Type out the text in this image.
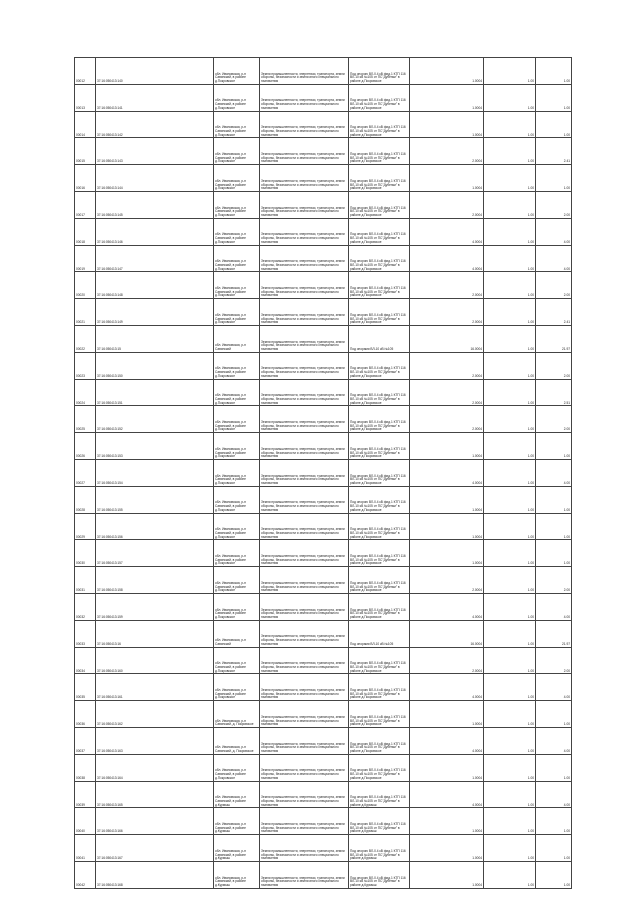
00012	37:16:050413:140	обл. Ивановская, р-н Савинский, в районе д.Покровское	Земли промышленности, энергетики, транспорта, земли обороны, безопасности и земли иного специального назначения	Под опорою ВЛ-0.4 кВ фид.1 КТП 116 ВЛ-10 кВ №105 от ПС"Дубенки" в районе д.Покровское	1.0004	1.00	1.00
00013	37:16:050413:141	обл. Ивановская, р-н Савинский, в районе д.Покровское	Земли промышленности, энергетики, транспорта, земли обороны, безопасности и земли иного специального назначения	Под опорою ВЛ-0.4 кВ фид.1 КТП 116 ВЛ-10 кВ №105 от ПС"Дубенки" в районе д.Покровское	1.0004	1.00	1.00
00014	37:16:050413:142	обл. Ивановская, р-н Савинский, в районе д.Покровское	Земли промышленности, энергетики, транспорта, земли обороны, безопасности и земли иного специального назначения	Под опорою ВЛ-0.4 кВ фид.1 КТП 116 ВЛ-10 кВ №105 от ПС"Дубенки" в районе д.Покровское	1.0004	1.00	1.00
00015	37:16:050413:143	обл. Ивановская, р-н Савинский, в районе д.Покровское	Земли промышленности, энергетики, транспорта, земли обороны, безопасности и земли иного специального назначения	Под опорою ВЛ-0.4 кВ фид.1 КТП 116 ВЛ-10 кВ №105 от ПС"Дубенки" в районе д.Покровское	2.0004	1.00	2.41
00016	37:16:050413:144	обл. Ивановская, р-н Савинский, в районе д.Покровское	Земли промышленности, энергетики, транспорта, земли обороны, безопасности и земли иного специального назначения	Под опорою ВЛ-0.4 кВ фид.1 КТП 116 ВЛ-10 кВ №105 от ПС"Дубенки" в районе д.Покровское	1.0004	1.00	1.00
00017	37:16:050413:145	обл. Ивановская, р-н Савинский, в районе д.Покровское	Земли промышленности, энергетики, транспорта, земли обороны, безопасности и земли иного специального назначения	Под опорою ВЛ-0.4 кВ фид.1 КТП 116 ВЛ-10 кВ №105 от ПС"Дубенки" в районе д.Покровское	2.0004	1.00	2.00
00018	37:16:050413:146	обл. Ивановская, р-н Савинский, в районе д.Покровское	Земли промышленности, энергетики, транспорта, земли обороны, безопасности и земли иного специального назначения	Под опорою ВЛ-0.4 кВ фид.1 КТП 116 ВЛ-10 кВ №105 от ПС"Дубенки" в районе д.Покровское	4.0004	1.00	4.00
00019	37:16:050413:147	обл. Ивановская, р-н Савинский, в районе д.Покровское	Земли промышленности, энергетики, транспорта, земли обороны, безопасности и земли иного специального назначения	Под опорою ВЛ-0.4 кВ фид.1 КТП 116 ВЛ-10 кВ №105 от ПС"Дубенки" в районе д.Покровское	4.0004	1.00	4.00
00020	37:16:050413:148	обл. Ивановская, р-н Савинский, в районе д.Покровское	Земли промышленности, энергетики, транспорта, земли обороны, безопасности и земли иного специального назначения	Под опорою ВЛ-0.4 кВ фид.1 КТП 116 ВЛ-10 кВ №105 от ПС"Дубенки" в районе д.Покровское	2.0004	1.00	2.00
00021	37:16:050413:149	обл. Ивановская, р-н Савинский, в районе д.Покровское	Земли промышленности, энергетики, транспорта, земли обороны, безопасности и земли иного специального назначения	Под опорою ВЛ-0.4 кВ фид.1 КТП 116 ВЛ-10 кВ №105 от ПС"Дубенки" в районе д.Покровское	2.0004	1.00	2.41
00022	37:16:050413:15	обл. Ивановская, р-н Савинский	Земли промышленности, энергетики, транспорта, земли обороны, безопасности и земли иного специального назначения	Под опорами ВЛ-10 кВ №105	16.0004	1.00	21.97
00023	37:16:050413:150	обл. Ивановская, р-н Савинский, в районе д.Покровское	Земли промышленности, энергетики, транспорта, земли обороны, безопасности и земли иного специального назначения	Под опорою ВЛ-0.4 кВ фид.1 КТП 116 ВЛ-10 кВ №105 от ПС"Дубенки" в районе д.Покровское	2.0004	1.00	2.00
00024	37:16:050413:151	обл. Ивановская, р-н Савинский, в районе д.Покровское	Земли промышленности, энергетики, транспорта, земли обороны, безопасности и земли иного специального назначения	Под опорою ВЛ-0.4 кВ фид.1 КТП 116 ВЛ-10 кВ №105 от ПС"Дубенки" в районе д.Покровское	2.0004	1.00	2.51
00025	37:16:050413:152	обл. Ивановская, р-н Савинский, в районе д.Покровское	Земли промышленности, энергетики, транспорта, земли обороны, безопасности и земли иного специального назначения	Под опорою ВЛ-0.4 кВ фид.1 КТП 116 ВЛ-10 кВ №105 от ПС"Дубенки" в районе д.Покровское	2.0004	1.00	2.00
00026	37:16:050413:153	обл. Ивановская, р-н Савинский, в районе д.Покровское	Земли промышленности, энергетики, транспорта, земли обороны, безопасности и земли иного специального назначения	Под опорою ВЛ-0.4 кВ фид.1 КТП 116 ВЛ-10 кВ №105 от ПС"Дубенки" в районе д.Покровское	1.0004	1.00	1.00
00027	37:16:050413:154	обл. Ивановская, р-н Савинский, в районе д.Покровское	Земли промышленности, энергетики, транспорта, земли обороны, безопасности и земли иного специального назначения	Под опорою ВЛ-0.4 кВ фид.1 КТП 116 ВЛ-10 кВ №105 от ПС"Дубенки" в районе д.Покровское	4.0004	1.00	4.00
00028	37:16:050413:155	обл. Ивановская, р-н Савинский, в районе д.Покровское	Земли промышленности, энергетики, транспорта, земли обороны, безопасности и земли иного специального назначения	Под опорою ВЛ-0.4 кВ фид.1 КТП 116 ВЛ-10 кВ №105 от ПС"Дубенки" в районе д.Покровское	1.0004	1.00	1.00
00029	37:16:050413:156	обл. Ивановская, р-н Савинский, в районе д.Покровское	Земли промышленности, энергетики, транспорта, земли обороны, безопасности и земли иного специального назначения	Под опорою ВЛ-0.4 кВ фид.1 КТП 116 ВЛ-10 кВ №105 от ПС"Дубенки" в районе д.Покровское	1.0004	1.00	1.00
00030	37:16:050413:157	обл. Ивановская, р-н Савинский, в районе д.Покровское	Земли промышленности, энергетики, транспорта, земли обороны, безопасности и земли иного специального назначения	Под опорою ВЛ-0.4 кВ фид.1 КТП 116 ВЛ-10 кВ №105 от ПС"Дубенки" в районе д.Покровское	1.0004	1.00	1.00
00031	37:16:050413:158	обл. Ивановская, р-н Савинский, в районе д.Покровское	Земли промышленности, энергетики, транспорта, земли обороны, безопасности и земли иного специального назначения	Под опорою ВЛ-0.4 кВ фид.1 КТП 116 ВЛ-10 кВ №105 от ПС"Дубенки" в районе д.Покровское	2.0004	1.00	2.00
00032	37:16:050413:159	обл. Ивановская, р-н Савинский, в районе д.Покровское	Земли промышленности, энергетики, транспорта, земли обороны, безопасности и земли иного специального назначения	Под опорою ВЛ-0.4 кВ фид.1 КТП 116 ВЛ-10 кВ №105 от ПС"Дубенки" в районе д.Покровское	4.0004	1.00	4.00
00033	37:16:050413:16	обл. Ивановская, р-н Савинский	Земли промышленности, энергетики, транспорта, земли обороны, безопасности и земли иного специального назначения	Под опорами ВЛ-10 кВ №105	16.0004	1.00	21.97
00034	37:16:050413:160	обл. Ивановская, р-н Савинский, в районе д.Покровское	Земли промышленности, энергетики, транспорта, земли обороны, безопасности и земли иного специального назначения	Под опорою ВЛ-0.4 кВ фид.1 КТП 116 ВЛ-10 кВ №105 от ПС"Дубенки" в районе д.Покровское	2.0004	1.00	2.00
00035	37:16:050413:161	обл. Ивановская, р-н Савинский, в районе д.Покровское	Земли промышленности, энергетики, транспорта, земли обороны, безопасности и земли иного специального назначения	Под опорою ВЛ-0.4 кВ фид.1 КТП 116 ВЛ-10 кВ №105 от ПС"Дубенки" в районе д.Покровское	4.0004	1.00	4.00
00036	37:16:050413:162	обл. Ивановская, р-н Савинский, д. Покровское	Земли промышленности, энергетики, транспорта, земли обороны, безопасности и земли иного специального назначения	Под опорою ВЛ-0.4 кВ фид.1 КТП 116 ВЛ-10 кВ №105 от ПС"Дубенки" в районе д.Покровское	1.0004	1.00	1.00
00037	37:16:050413:163	обл. Ивановская, р-н Савинский, д. Покровское	Земли промышленности, энергетики, транспорта, земли обороны, безопасности и земли иного специального назначения	Под опорою ВЛ-0.4 кВ фид.1 КТП 116 ВЛ-10 кВ №105 от ПС"Дубенки" в районе д.Покровское	4.0004	1.00	4.00
00038	37:16:050413:164	обл. Ивановская, р-н Савинский, в районе д.Покровское	Земли промышленности, энергетики, транспорта, земли обороны, безопасности и земли иного специального назначения	Под опорою ВЛ-0.4 кВ фид.1 КТП 116 ВЛ-10 кВ №105 от ПС"Дубенки" в районе д.Покровское	1.0004	1.00	1.00
00039	37:16:050413:165	обл. Ивановская, р-н Савинский, в районе д.Курмыш	Земли промышленности, энергетики, транспорта, земли обороны, безопасности и земли иного специального назначения	Под опорою ВЛ-0.4 кВ фид.1 КТП 116 ВЛ-10 кВ №105 от ПС"Дубенки" в районе д.Курмыш	4.0004	1.00	4.00
00040	37:16:050413:166	обл. Ивановская, р-н Савинский, в районе д.Курмыш	Земли промышленности, энергетики, транспорта, земли обороны, безопасности и земли иного специального назначения	Под опорою ВЛ-0.4 кВ фид.1 КТП 116 ВЛ-10 кВ №105 от ПС"Дубенки" в районе д.Курмыш	1.0004	1.00	1.00
00041	37:16:050413:167	обл. Ивановская, р-н Савинский, в районе д.Курмыш	Земли промышленности, энергетики, транспорта, земли обороны, безопасности и земли иного специального назначения	Под опорою ВЛ-0.4 кВ фид.1 КТП 116 ВЛ-10 кВ №105 от ПС"Дубенки" в районе д.Курмыш	1.0004	1.00	1.00
00042	37:16:050413:168	обл. Ивановская, р-н Савинский, в районе д.Курмыш	Земли промышленности, энергетики, транспорта, земли обороны, безопасности и земли иного специального назначения	Под опорою ВЛ-0.4 кВ фид.1 КТП 116 ВЛ-10 кВ №105 от ПС"Дубенки" в районе д.Курмыш	1.0004	1.00	1.00
